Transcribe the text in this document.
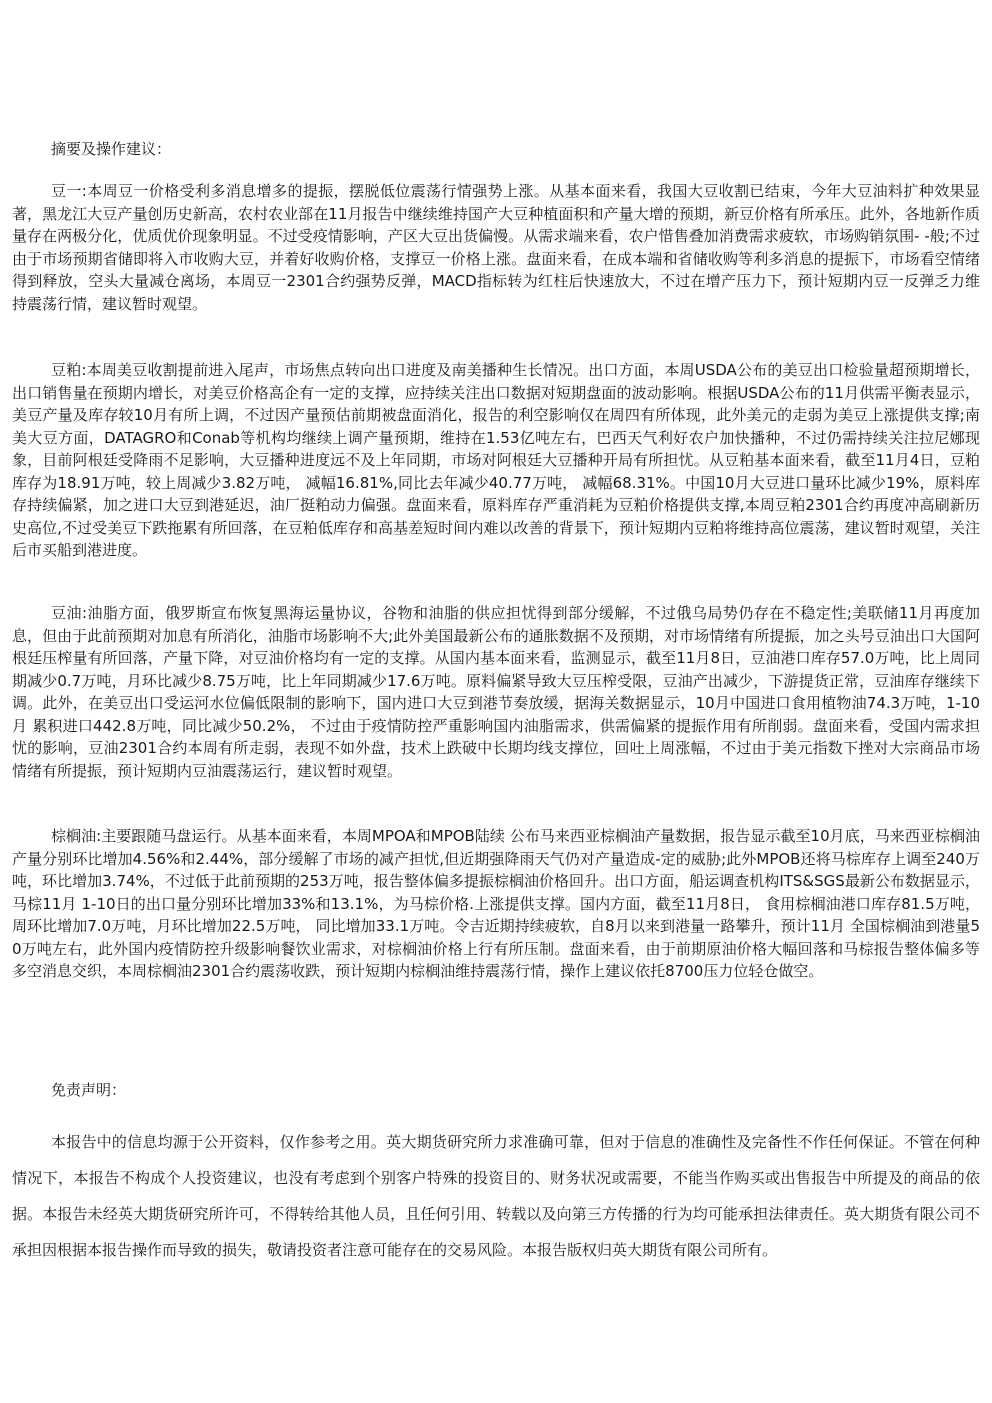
摘要及操作建议：

豆一:本周豆一价格受利多消息增多的提振，摆脱低位震荡行情强势上涨。从基本面来看，我国大豆收割已结束，今年大豆油料扩种效果显著，黑龙江大豆产量创历史新高，农村农业部在11月报告中继续维持国产大豆种植面积和产量大增的预期，新豆价格有所承压。此外，各地新作质量存在两极分化，优质优价现象明显。不过受疫情影响，产区大豆出货偏慢。从需求端来看，农户惜售叠加消费需求疲软，市场购销氛围- -般;不过由于市场预期省储即将入市收购大豆，并着好收购价格，支撑豆一价格上涨。盘面来看，在成本端和省储收购等利多消息的提振下，市场看空情绪得到释放，空头大量减仓离场，本周豆一2301合约强势反弹，MACD指标转为红柱后快速放大，不过在增产压力下，预计短期内豆一反弹乏力维持震荡行情，建议暂时观望。

豆粕:本周美豆收割提前进入尾声，市场焦点转向出口进度及南美播种生长情况。出口方面，本周USDA公布的美豆出口检验量超预期增长，出口销售量在预期内增长，对美豆价格高企有一定的支撑，应持续关注出口数据对短期盘面的波动影响。根据USDA公布的11月供需平衡表显示，美豆产量及库存较10月有所上调，不过因产量预估前期被盘面消化，报告的利空影响仅在周四有所体现，此外美元的走弱为美豆上涨提供支撑;南美大豆方面，DATAGRO和Conab等机构均继续上调产量预期，维持在1.53亿吨左右，巴西天气利好农户加快播种，不过仍需持续关注拉尼娜现象，目前阿根廷受降雨不足影响，大豆播种进度远不及上年同期，市场对阿根廷大豆播种开局有所担忧。从豆粕基本面来看，截至11月4日，豆粕库存为18.91万吨，较上周减少3.82万吨， 减幅16.81%,同比去年减少40.77万吨， 减幅68.31%。中国10月大豆进口量环比减少19%，原料库存持续偏紧，加之进口大豆到港延迟，油厂挺粕动力偏强。盘面来看，原料库存严重消耗为豆粕价格提供支撑,本周豆粕2301合约再度冲高刷新历史高位,不过受美豆下跌拖累有所回落，在豆粕低库存和高基差短时间内难以改善的背景下，预计短期内豆粕将维持高位震荡，建议暂时观望，关注后市买船到港进度。

豆油:油脂方面，俄罗斯宣布恢复黑海运量协议，谷物和油脂的供应担忧得到部分缓解，不过俄乌局势仍存在不稳定性;美联储11月再度加息，但由于此前预期对加息有所消化，油脂市场影响不大;此外美国最新公布的通胀数据不及预期，对市场情绪有所提振，加之头号豆油出口大国阿根廷压榨量有所回落，产量下降，对豆油价格均有一定的支撑。从国内基本面来看，监测显示，截至11月8日，豆油港口库存57.0万吨，比上周同期减少0.7万吨，月环比减少8.75万吨，比上年同期减少17.6万吨。原料偏紧导致大豆压榨受限，豆油产出减少，下游提货正常，豆油库存继续下调。此外，在美豆出口受运河水位偏低限制的影响下，国内进口大豆到港节奏放缓，据海关数据显示，10月中国进口食用植物油74.3万吨，1-10月 累积进口442.8万吨，同比减少50.2%， 不过由于疫情防控严重影响国内油脂需求，供需偏紧的提振作用有所削弱。盘面来看，受国内需求担忧的影响，豆油2301合约本周有所走弱，表现不如外盘，技术上跌破中长期均线支撑位，回吐上周涨幅，不过由于美元指数下挫对大宗商品市场情绪有所提振，预计短期内豆油震荡运行，建议暂时观望。

棕榈油:主要跟随马盘运行。从基本面来看，本周MPOA和MPOB陆续 公布马来西亚棕榈油产量数据，报告显示截至10月底，马来西亚棕榈油产量分别环比增加4.56%和2.44%，部分缓解了市场的减产担忧,但近期强降雨天气仍对产量造成-定的威胁;此外MPOB还将马棕库存上调至240万吨，环比增加3.74%，不过低于此前预期的253万吨，报告整体偏多提振棕榈油价格回升。出口方面，船运调查机构ITS&SGS最新公布数据显示，马棕11月 1-10日的出口量分别环比增加33%和13.1%，为马棕价格.上涨提供支撑。国内方面，截至11月8日， 食用棕榈油港口库存81.5万吨，周环比增加7.0万吨，月环比增加22.5万吨， 同比增加33.1万吨。令吉近期持续疲软，自8月以来到港量一路攀升，预计11月 全国棕榈油到港量50万吨左右，此外国内疫情防控升级影响餐饮业需求，对棕榈油价格上行有所压制。盘面来看，由于前期原油价格大幅回落和马棕报告整体偏多等多空消息交织，本周棕榈油2301合约震荡收跌，预计短期内棕榈油维持震荡行情，操作上建议依托8700压力位轻仓做空。

免责声明：

本报告中的信息均源于公开资料，仅作参考之用。英大期货研究所力求准确可靠，但对于信息的准确性及完备性不作任何保证。不管在何种情况下，本报告不构成个人投资建议，也没有考虑到个别客户特殊的投资目的、财务状况或需要，不能当作购买或出售报告中所提及的商品的依据。本报告未经英大期货研究所许可，不得转给其他人员，且任何引用、转载以及向第三方传播的行为均可能承担法律责任。英大期货有限公司不承担因根据本报告操作而导致的损失，敬请投资者注意可能存在的交易风险。本报告版权归英大期货有限公司所有。
